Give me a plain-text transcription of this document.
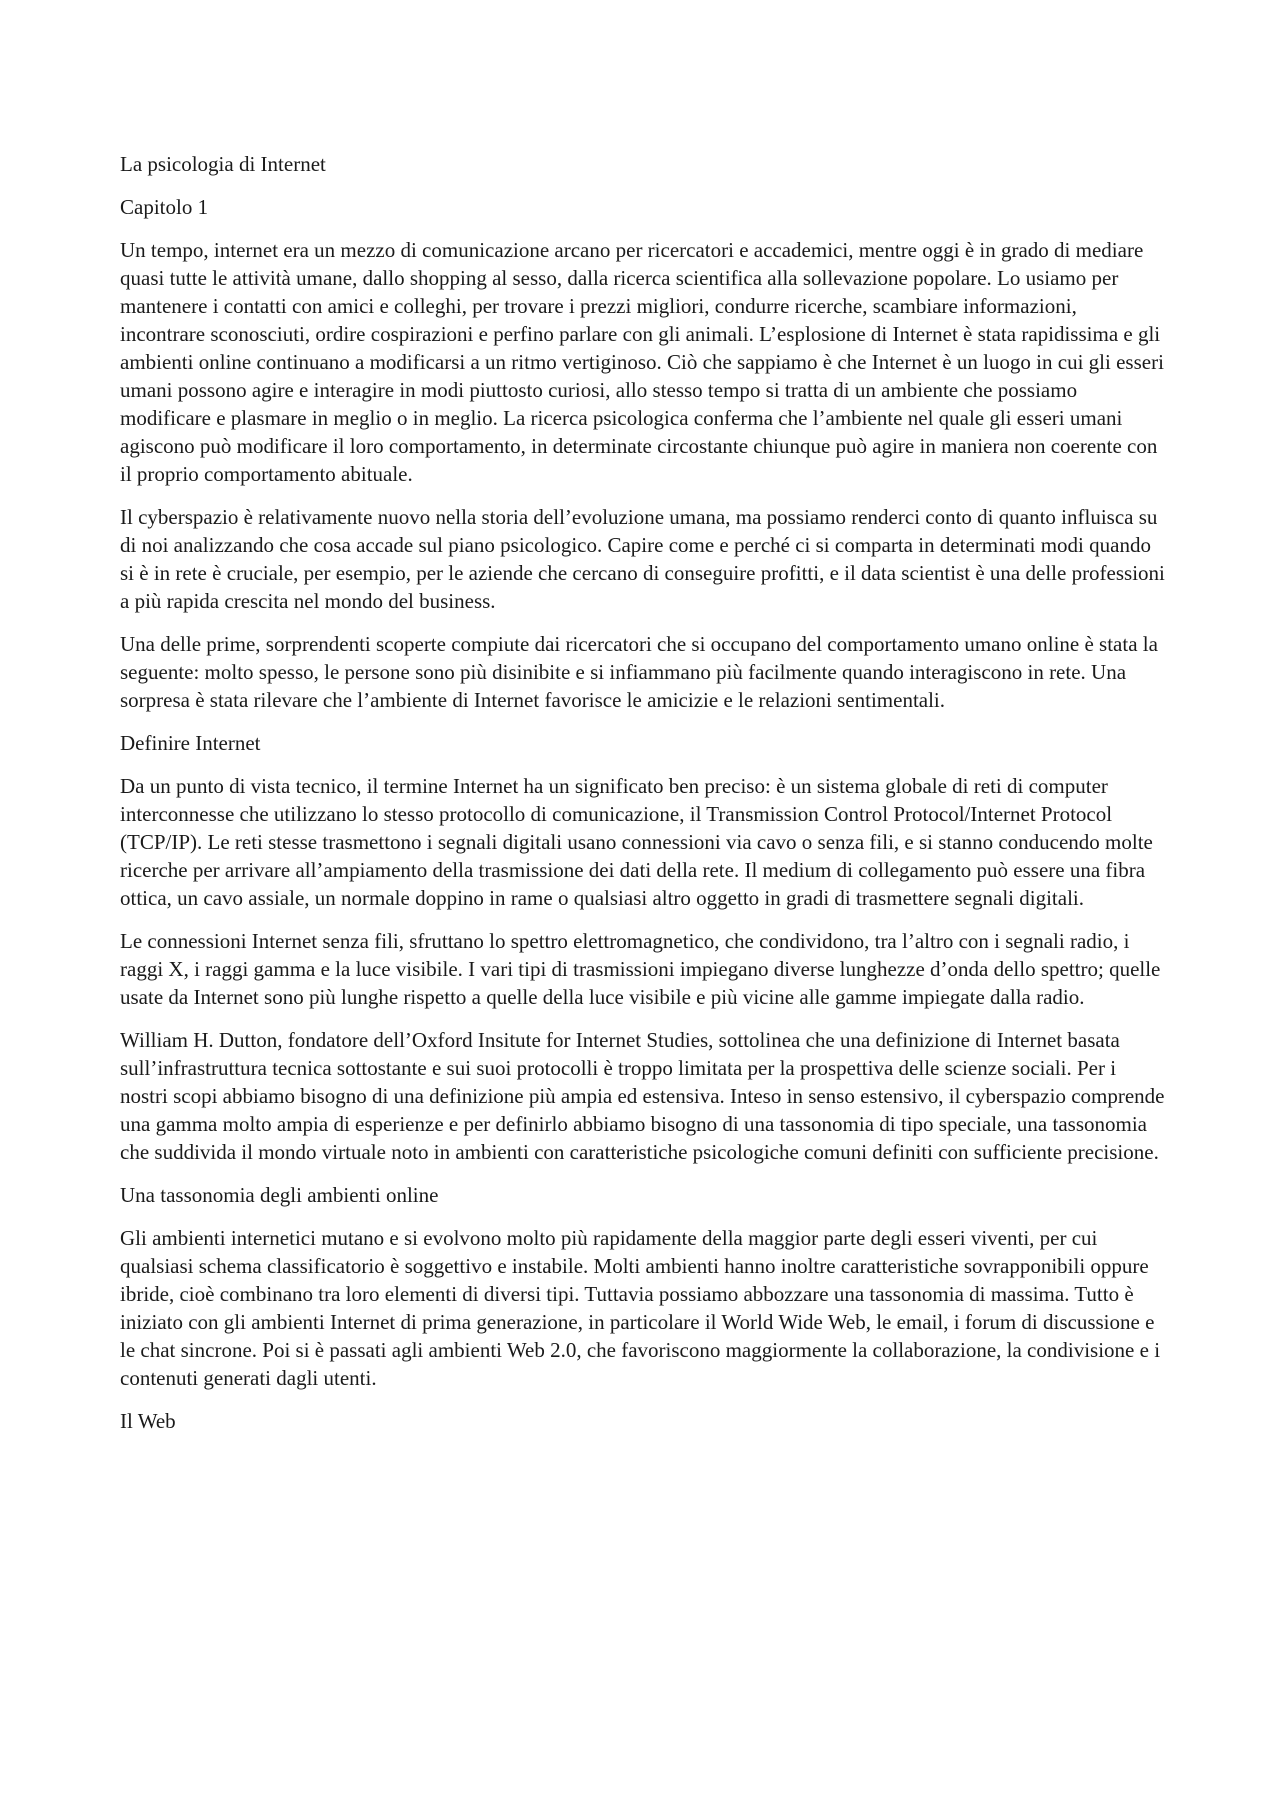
La psicologia di Internet

Capitolo 1

Un tempo, internet era un mezzo di comunicazione arcano per ricercatori e accademici, mentre oggi è in grado di mediare quasi tutte le attività umane, dallo shopping al sesso, dalla ricerca scientifica alla sollevazione popolare. Lo usiamo per mantenere i contatti con amici e colleghi, per trovare i prezzi migliori, condurre ricerche, scambiare informazioni, incontrare sconosciuti, ordire cospirazioni e perfino parlare con gli animali. L’esplosione di Internet è stata rapidissima e gli ambienti online continuano a modificarsi a un ritmo vertiginoso. Ciò che sappiamo è che Internet è un luogo in cui gli esseri umani possono agire e interagire in modi piuttosto curiosi, allo stesso tempo si tratta di un ambiente che possiamo modificare e plasmare in meglio o in meglio. La ricerca psicologica conferma che l’ambiente nel quale gli esseri umani agiscono può modificare il loro comportamento, in determinate circostante chiunque può agire in maniera non coerente con il proprio comportamento abituale.

Il cyberspazio è relativamente nuovo nella storia dell’evoluzione umana, ma possiamo renderci conto di quanto influisca su di noi analizzando che cosa accade sul piano psicologico. Capire come e perché ci si comparta in determinati modi quando si è in rete è cruciale, per esempio, per le aziende che cercano di conseguire profitti, e il data scientist è una delle professioni a più rapida crescita nel mondo del business.

Una delle prime, sorprendenti scoperte compiute dai ricercatori che si occupano del comportamento umano online è stata la seguente: molto spesso, le persone sono più disinibite e si infiammano più facilmente quando interagiscono in rete. Una sorpresa è stata rilevare che l’ambiente di Internet favorisce le amicizie e le relazioni sentimentali.

Definire Internet

Da un punto di vista tecnico, il termine Internet ha un significato ben preciso: è un sistema globale di reti di computer interconnesse che utilizzano lo stesso protocollo di comunicazione, il Transmission Control Protocol/Internet Protocol (TCP/IP). Le reti stesse trasmettono i segnali digitali usano connessioni via cavo o senza fili, e si stanno conducendo molte ricerche per arrivare all’ampiamento della trasmissione dei dati della rete. Il medium di collegamento può essere una fibra ottica, un cavo assiale, un normale doppino in rame o qualsiasi altro oggetto in gradi di trasmettere segnali digitali.

Le connessioni Internet senza fili, sfruttano lo spettro elettromagnetico, che condividono, tra l’altro con i segnali radio, i raggi X, i raggi gamma e la luce visibile. I vari tipi di trasmissioni impiegano diverse lunghezze d’onda dello spettro; quelle usate da Internet sono più lunghe rispetto a quelle della luce visibile e più vicine alle gamme impiegate dalla radio.

William H. Dutton, fondatore dell’Oxford Insitute for Internet Studies, sottolinea che una definizione di Internet basata sull’infrastruttura tecnica sottostante e sui suoi protocolli è troppo limitata per la prospettiva delle scienze sociali. Per i nostri scopi abbiamo bisogno di una definizione più ampia ed estensiva. Inteso in senso estensivo, il cyberspazio comprende una gamma molto ampia di esperienze e per definirlo abbiamo bisogno di una tassonomia di tipo speciale, una tassonomia che suddivida il mondo virtuale noto in ambienti con caratteristiche psicologiche comuni definiti con sufficiente precisione.

Una tassonomia degli ambienti online

Gli ambienti internetici mutano e si evolvono molto più rapidamente della maggior parte degli esseri viventi, per cui qualsiasi schema classificatorio è soggettivo e instabile. Molti ambienti hanno inoltre caratteristiche sovrapponibili oppure ibride, cioè combinano tra loro elementi di diversi tipi. Tuttavia possiamo abbozzare una tassonomia di massima. Tutto è iniziato con gli ambienti Internet di prima generazione, in particolare il World Wide Web, le email, i forum di discussione e le chat sincrone. Poi si è passati agli ambienti Web 2.0, che favoriscono maggiormente la collaborazione, la condivisione e i contenuti generati dagli utenti.

Il Web
